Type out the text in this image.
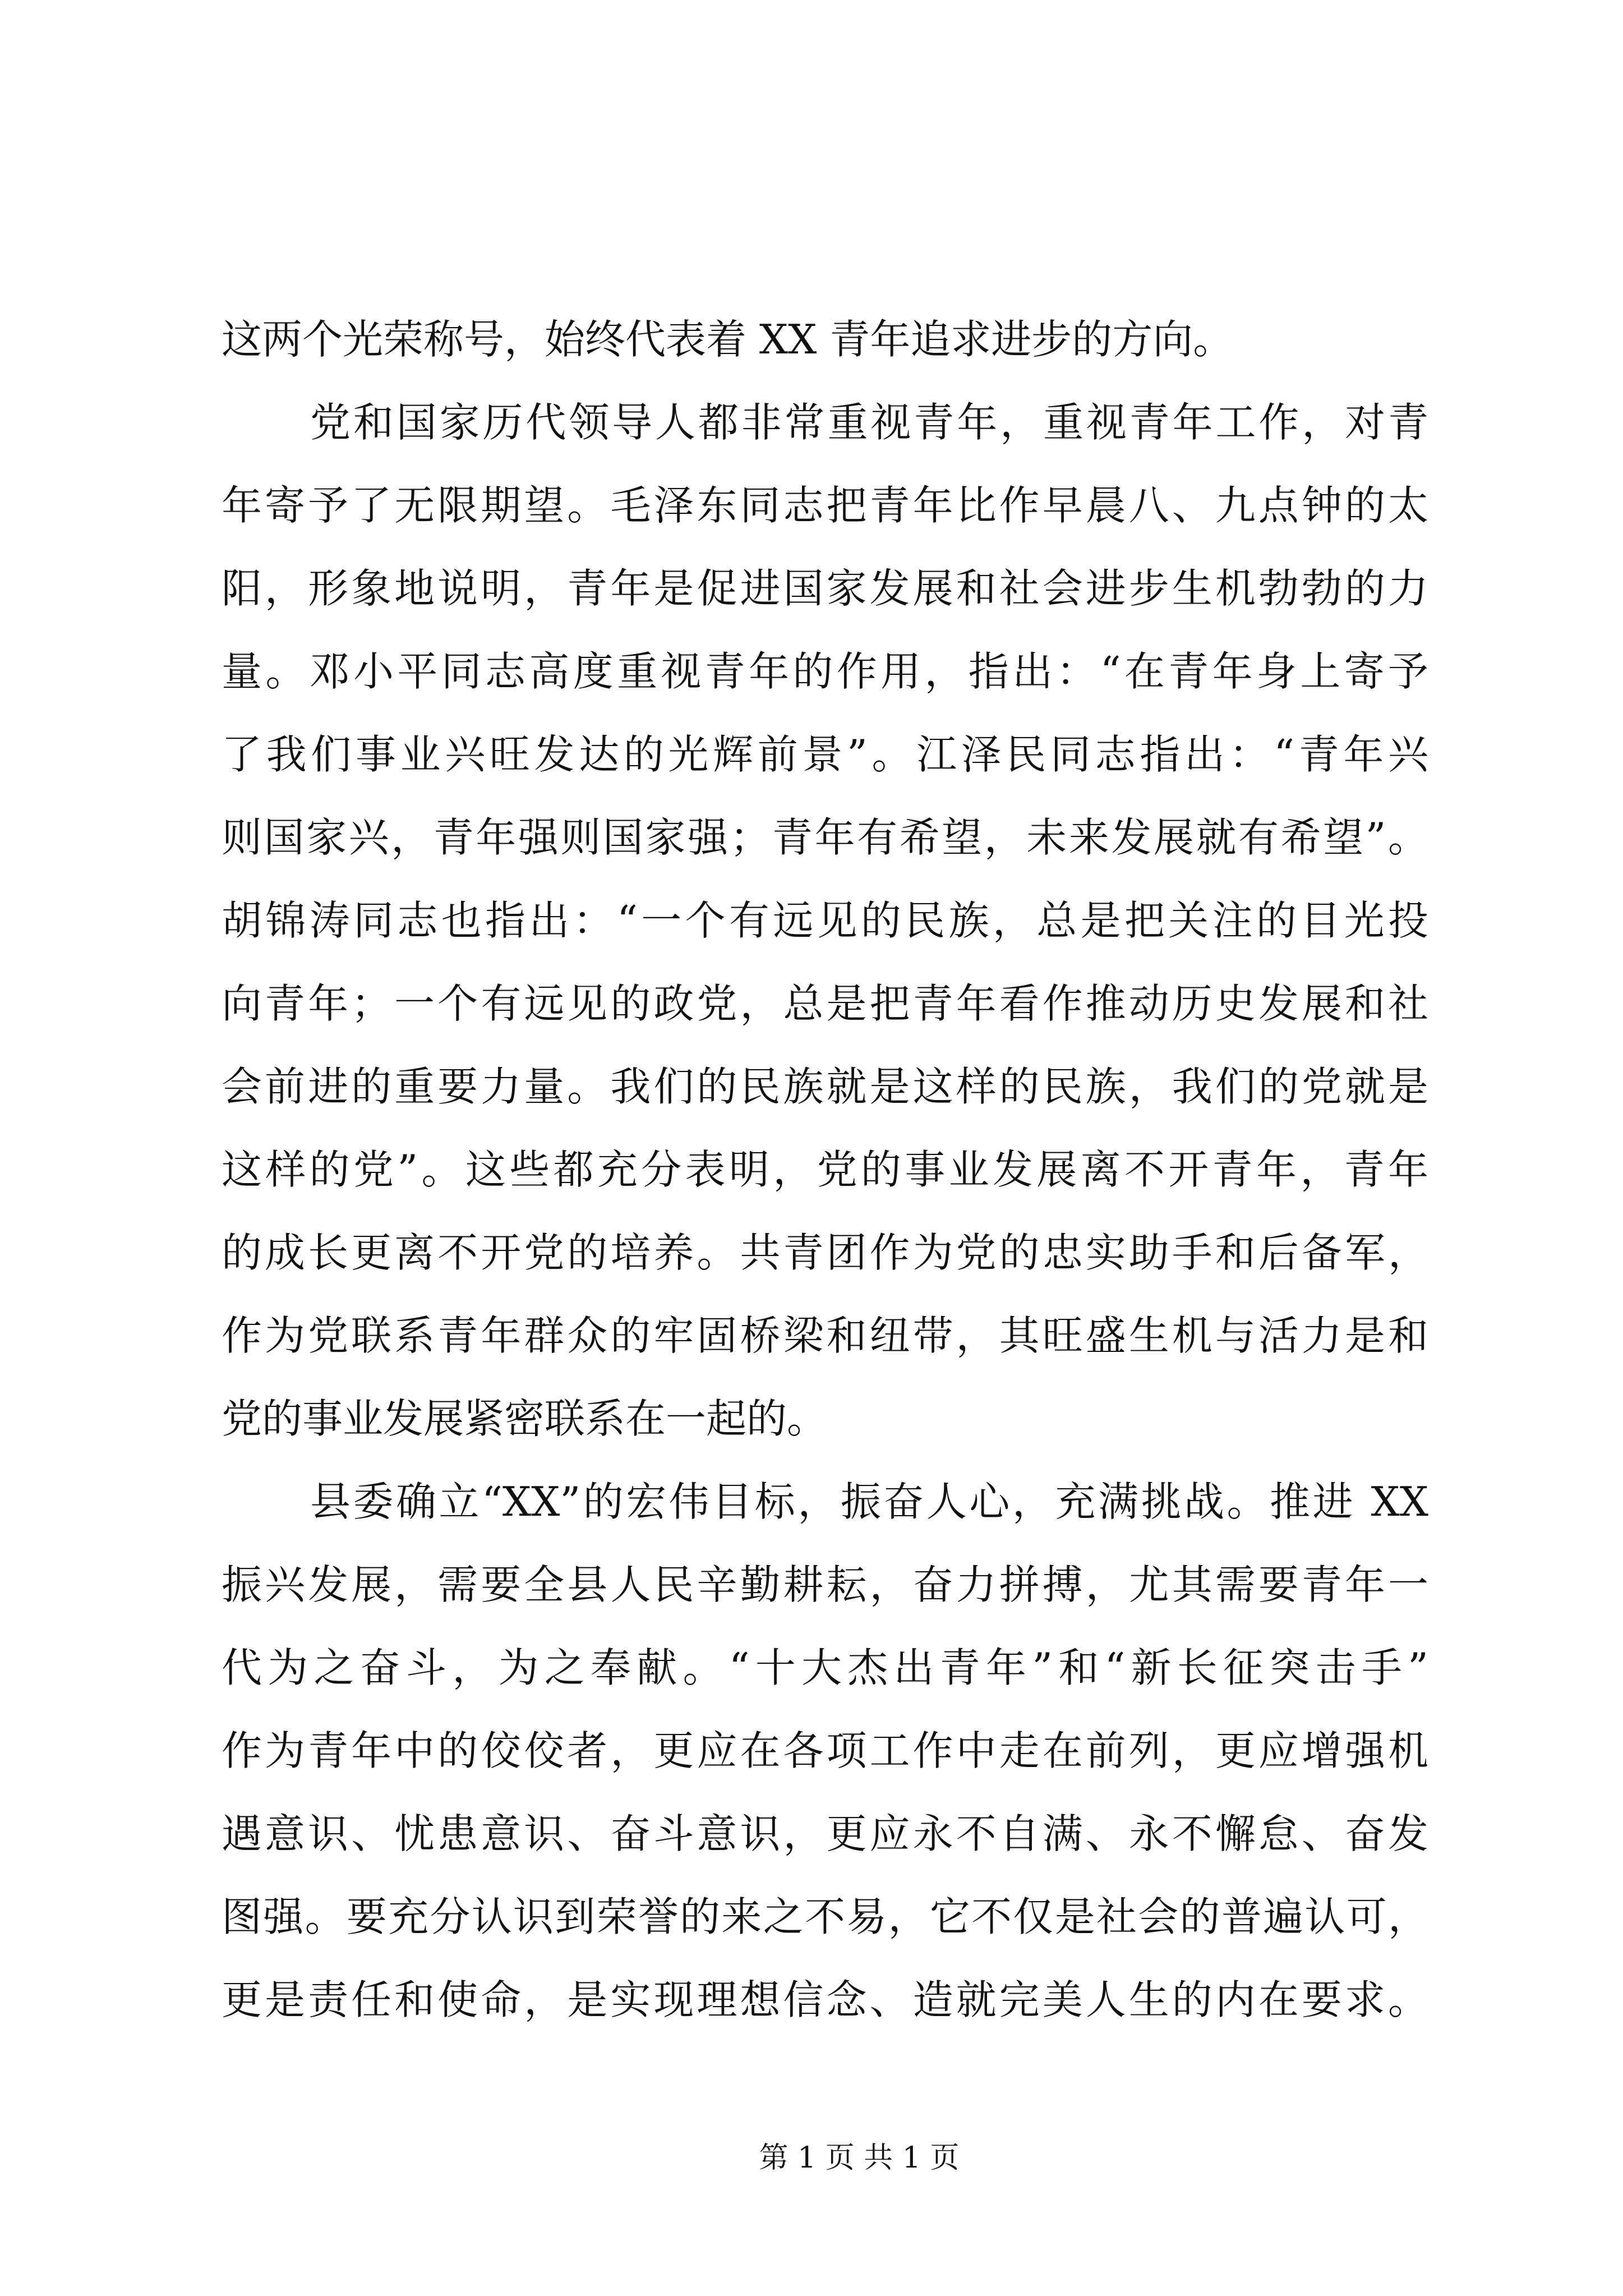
这两个光荣称号，始终代表着 XX 青年追求进步的方向。
党和国家历代领导人都非常重视青年，重视青年工作，对青
年寄予了无限期望。毛泽东同志把青年比作早晨八、九点钟的太
阳，形象地说明，青年是促进国家发展和社会进步生机勃勃的力
量。邓小平同志高度重视青年的作用，指出：“在青年身上寄予
了我们事业兴旺发达的光辉前景”。江泽民同志指出：“青年兴
则国家兴，青年强则国家强；青年有希望，未来发展就有希望”。
胡锦涛同志也指出：“一个有远见的民族，总是把关注的目光投
向青年；一个有远见的政党，总是把青年看作推动历史发展和社
会前进的重要力量。我们的民族就是这样的民族，我们的党就是
这样的党”。这些都充分表明，党的事业发展离不开青年，青年
的成长更离不开党的培养。共青团作为党的忠实助手和后备军，
作为党联系青年群众的牢固桥梁和纽带，其旺盛生机与活力是和
党的事业发展紧密联系在一起的。
县委确立“XX”的宏伟目标，振奋人心，充满挑战。推进 XX
振兴发展，需要全县人民辛勤耕耘，奋力拼搏，尤其需要青年一
代为之奋斗，为之奉献。“十大杰出青年”和“新长征突击手”
作为青年中的佼佼者，更应在各项工作中走在前列，更应增强机
遇意识、忧患意识、奋斗意识，更应永不自满、永不懈怠、奋发
图强。要充分认识到荣誉的来之不易，它不仅是社会的普遍认可，
更是责任和使命，是实现理想信念、造就完美人生的内在要求。
第 1 页 共 1 页
